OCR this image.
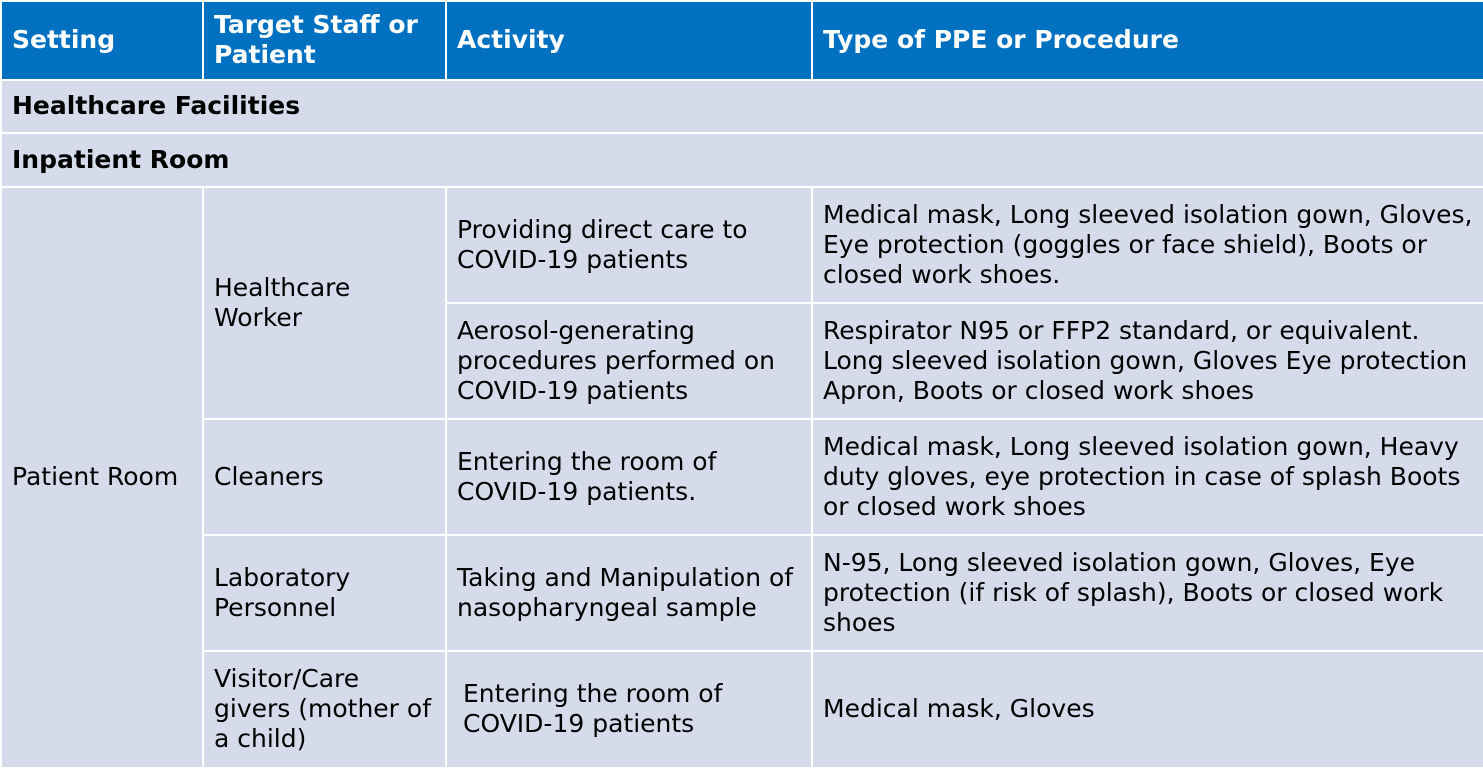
Setting	Target Staff or Patient	Activity	Type of PPE or Procedure
Healthcare Facilities			
Inpatient Room			
Patient Room	Healthcare Worker	Providing direct care to COVID-19 patients	Medical mask, Long sleeved isolation gown, Gloves, Eye protection (goggles or face shield), Boots or closed work shoes.
		Aerosol-generating procedures performed on COVID-19 patients	Respirator N95 or FFP2 standard, or equivalent. Long sleeved isolation gown, Gloves Eye protection Apron, Boots or closed work shoes
	Cleaners	Entering the room of COVID-19 patients.	Medical mask, Long sleeved isolation gown, Heavy duty gloves, eye protection in case of splash Boots or closed work shoes
	Laboratory Personnel	Taking and Manipulation of nasopharyngeal sample	N-95, Long sleeved isolation gown, Gloves, Eye protection (if risk of splash), Boots or closed work shoes
	Visitor/Care givers (mother of a child)	Entering the room of COVID-19 patients	Medical mask, Gloves
